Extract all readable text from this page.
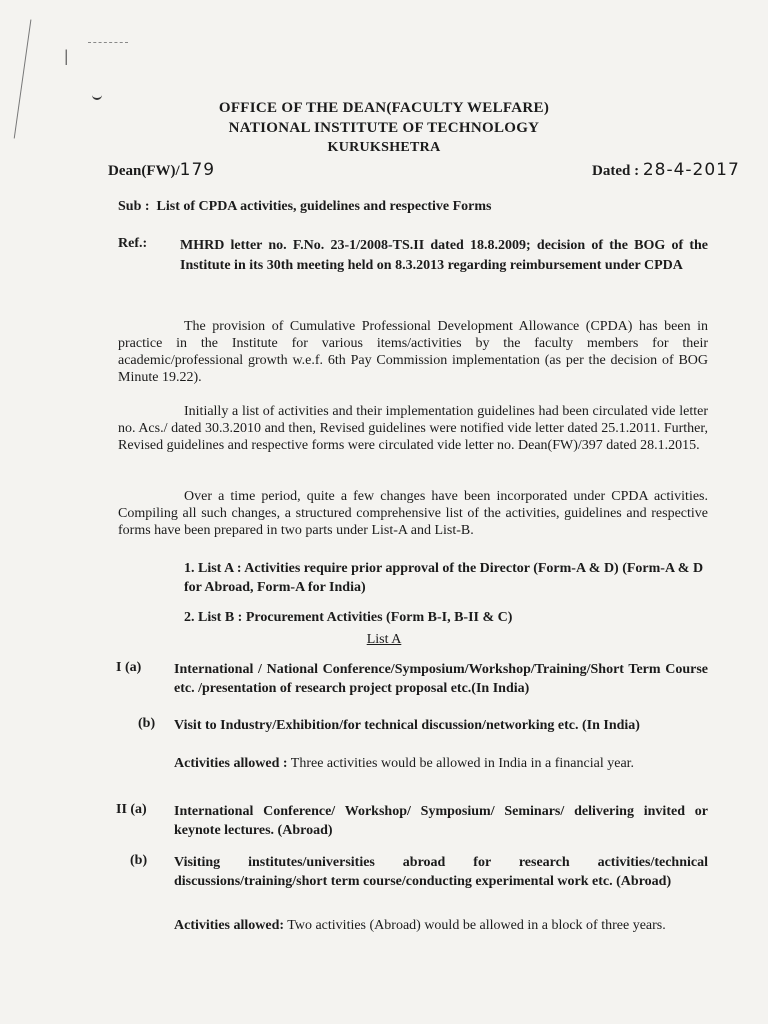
ǀ
OFFICE OF THE DEAN(FACULTY WELFARE)
NATIONAL INSTITUTE OF TECHNOLOGY
KURUKSHETRA
Dean(FW)/179	Dated : 28-4-2017
Sub : List of CPDA activities, guidelines and respective Forms
Ref.: MHRD letter no. F.No. 23-1/2008-TS.II dated 18.8.2009; decision of the BOG of the Institute in its 30th meeting held on 8.3.2013 regarding reimbursement under CPDA
The provision of Cumulative Professional Development Allowance (CPDA) has been in practice in the Institute for various items/activities by the faculty members for their academic/professional growth w.e.f. 6th Pay Commission implementation (as per the decision of BOG Minute 19.22).
Initially a list of activities and their implementation guidelines had been circulated vide letter no. Acs./ dated 30.3.2010 and then, Revised guidelines were notified vide letter dated 25.1.2011. Further, Revised guidelines and respective forms were circulated vide letter no. Dean(FW)/397 dated 28.1.2015.
Over a time period, quite a few changes have been incorporated under CPDA activities. Compiling all such changes, a structured comprehensive list of the activities, guidelines and respective forms have been prepared in two parts under List-A and List-B.
1. List A : Activities require prior approval of the Director (Form-A & D) (Form-A & D for Abroad, Form-A for India)
2. List B : Procurement Activities (Form B-I, B-II & C)
List A
I (a) International / National Conference/Symposium/Workshop/Training/Short Term Course etc. /presentation of research project proposal etc.(In India)
(b) Visit to Industry/Exhibition/for technical discussion/networking etc. (In India)
Activities allowed : Three activities would be allowed in India in a financial year.
II (a) International Conference/ Workshop/ Symposium/ Seminars/ delivering invited or keynote lectures. (Abroad)
(b) Visiting institutes/universities abroad for research activities/technical discussions/training/short term course/conducting experimental work etc. (Abroad)
Activities allowed: Two activities (Abroad) would be allowed in a block of three years.
